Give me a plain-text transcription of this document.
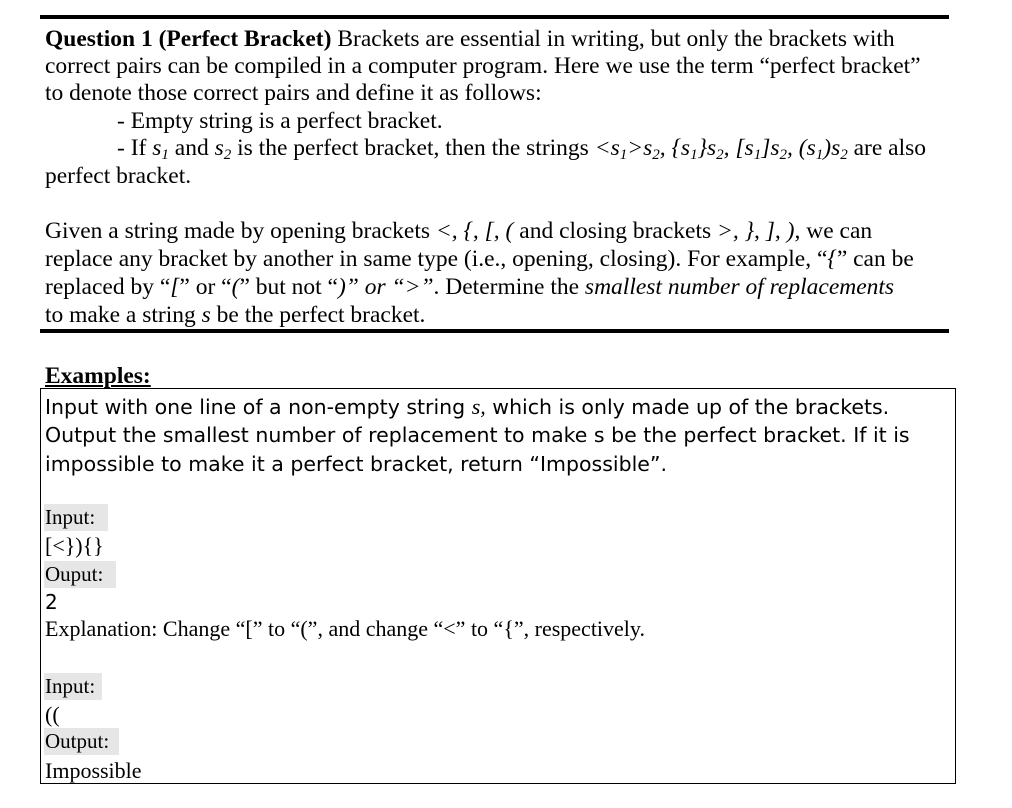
Question 1 (Perfect Bracket) Brackets are essential in writing, but only the brackets with
correct pairs can be compiled in a computer program. Here we use the term “perfect bracket”
to denote those correct pairs and define it as follows:
- Empty string is a perfect bracket.
- If $s_1$ and $s_2$ is the perfect bracket, then the strings $<s_1>s_2$, $\{s_1\}s_2$, $[s_1]s_2$, $(s_1)s_2$ are also
perfect bracket.
Given a string made by opening brackets <, {, [, ( and closing brackets >, }, ], ), we can
replace any bracket by another in same type (i.e., opening, closing). For example, “{” can be
replaced by “[” or “(” but not “)” or “>”. Determine the smallest number of replacements
to make a string s be the perfect bracket.
Examples:
Input with one line of a non-empty string s, which is only made up of the brackets.
Output the smallest number of replacement to make s be the perfect bracket. If it is
impossible to make it a perfect bracket, return “Impossible”.
Input:
[<}){}
Ouput:
2
Explanation: Change “[” to “(”, and change “<” to “{”, respectively.
Input:
((
Output:
Impossible
